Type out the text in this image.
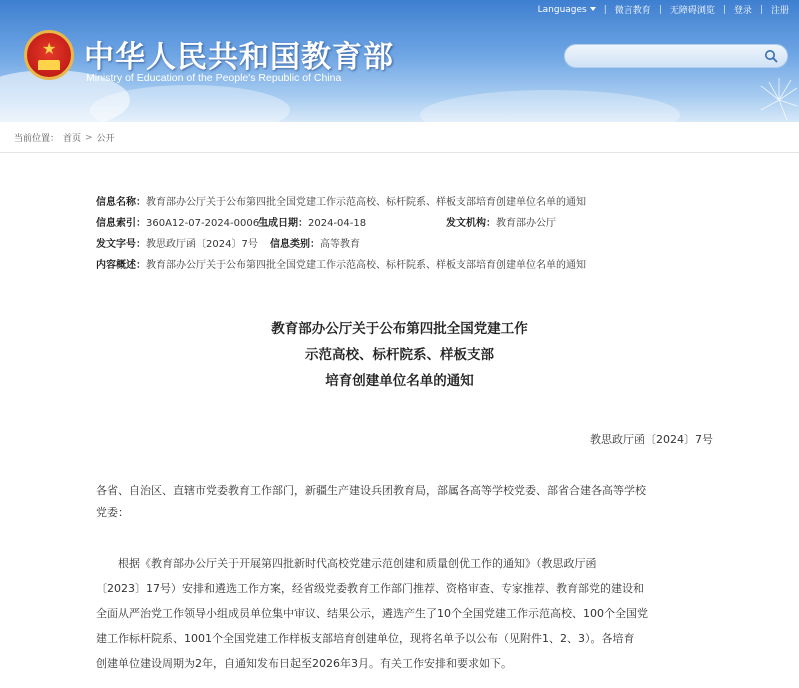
Languages	| 微言教育 | 无障碍浏览 | 登录 | 注册
★ 中华人民共和国教育部
Ministry of Education of the People's Republic of China
当前位置： 首页 > 公开
信息名称：教育部办公厅关于公布第四批全国党建工作示范高校、标杆院系、样板支部培育创建单位名单的通知
信息索引：360A12-07-2024-0006-1生成日期：2024-04-18	发文机构：教育部办公厅
发文字号：教思政厅函〔2024〕7号 信息类别：高等教育
内容概述：教育部办公厅关于公布第四批全国党建工作示范高校、标杆院系、样板支部培育创建单位名单的通知
教育部办公厅关于公布第四批全国党建工作
示范高校、标杆院系、样板支部
培育创建单位名单的通知
教思政厅函〔2024〕7号
各省、自治区、直辖市党委教育工作部门，新疆生产建设兵团教育局，部属各高等学校党委、部省合建各高等学校
党委：
根据《教育部办公厅关于开展第四批新时代高校党建示范创建和质量创优工作的通知》（教思政厅函
〔2023〕17号）安排和遴选工作方案，经省级党委教育工作部门推荐、资格审查、专家推荐、教育部党的建设和
全面从严治党工作领导小组成员单位集中审议、结果公示，遴选产生了10个全国党建工作示范高校、100个全国党
建工作标杆院系、1001个全国党建工作样板支部培育创建单位，现将名单予以公布（见附件1、2、3）。各培育
创建单位建设周期为2年，自通知发布日起至2026年3月。有关工作安排和要求如下。
